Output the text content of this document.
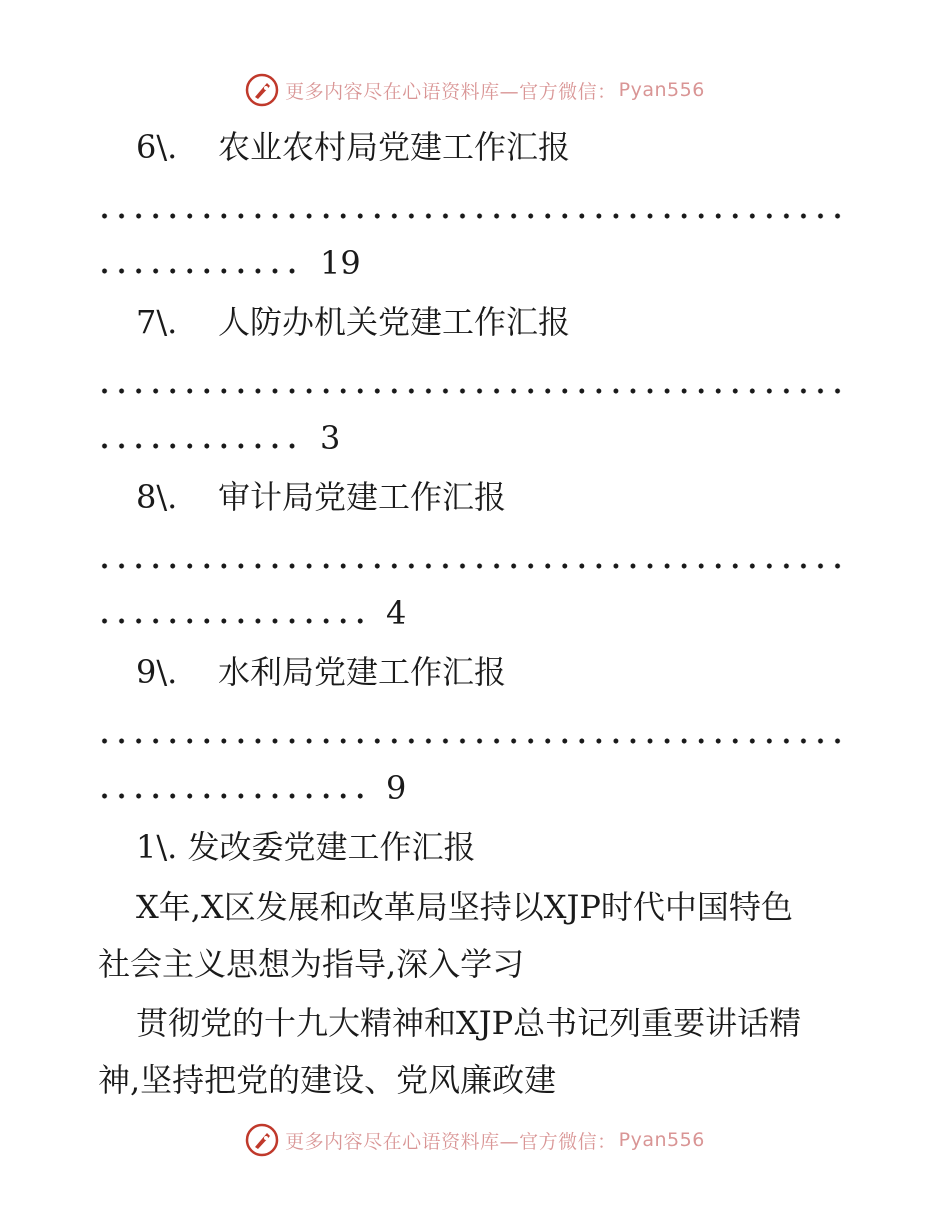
更多内容尽在心语资料库—官方微信： Pyan556
6\. 农业农村局党建工作汇报
19
7\. 人防办机关党建工作汇报
3
8\. 审计局党建工作汇报
4
9\. 水利局党建工作汇报
9
1\. 发改委党建工作汇报
X年,X区发展和改革局坚持以XJP时代中国特色
社会主义思想为指导,深入学习
贯彻党的十九大精神和XJP总书记列重要讲话精
神,坚持把党的建设、党风廉政建
更多内容尽在心语资料库—官方微信： Pyan556
